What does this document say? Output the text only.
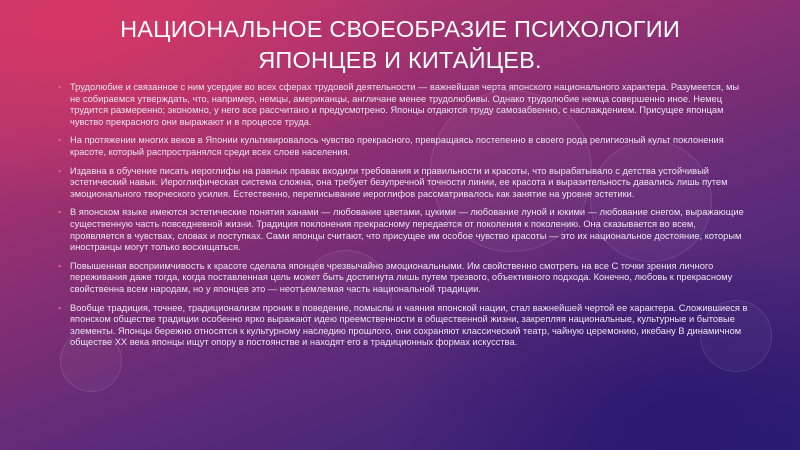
НАЦИОНАЛЬНОЕ СВОЕОБРАЗИЕ ПСИХОЛОГИИ
ЯПОНЦЕВ И КИТАЙЦЕВ.
▪ Трудолюбие и связанное с ним усердие во всех сферах трудовой деятельности — важнейшая черта японского национального характера. Разумеется, мы не собираемся утверждать, что, например, немцы, американцы, англичане менее трудолюбивы. Однако трудолюбие немца совершенно иное. Немец трудится размеренно; экономно, у него все рассчитано и предусмотрено. Японцы отдаются труду самозабвенно, с наслаждением. Присущее японцам чувство прекрасного они выражают и в процессе труда.
▪ На протяжении многих веков в Японии культивировалось чувство прекрасного, превращаясь постепенно в своего рода религиозный культ поклонения красоте, который распространялся среди всех слоев населения.
▪ Издавна в обучение писать иероглифы на равных правах входили требования и правильности и красоты, что вырабатывало с детства устойчивый эстетический навык. Иероглифическая система сложна, она требует безупречной точности линии, ее красота и выразительность давались лишь путем эмоционального творческого усилия. Естественно, переписывание иероглифов рассматривалось как занятие на уровне эстетики.
▪ В японском языке имеются эстетические понятия ханами — любование цветами, цукими — любование луной и юкими — любование снегом, выражающие существенную часть повседневной жизни. Традиция поклонения прекрасному передается от поколения к поколению. Она сказывается во всем, проявляется в чувствах, словах и поступках. Сами японцы считают, что присущее им особое чувство красоты — это их национальное достояние, которым иностранцы могут только восхищаться.
▪ Повышенная восприимчивость к красоте сделала японцев чрезвычайно эмоциональными. Им свойственно смотреть на все С точки зрения личного переживания даже тогда, когда поставленная цель может быть достигнута лишь путем трезвого, объективного подхода. Конечно, любовь к прекрасному свойственна всем народам, но у японцев это — неотъемлемая часть национальной традиции.
▪ Вообще традиция, точнее, традиционализм проник в поведение, помыслы и чаяния японской нации, стал важнейшей чертой ее характера. Сложившиеся в японском обществе традиции особенно ярко выражают идею преемственности в общественной жизни, закрепляя национальные, культурные и бытовые элементы. Японцы бережно относятся к культурному наследию прошлого, они сохраняют классический театр, чайную церемонию, икебану В динамичном обществе XX века японцы ищут опору в постоянстве и находят его в традиционных формах искусства.
